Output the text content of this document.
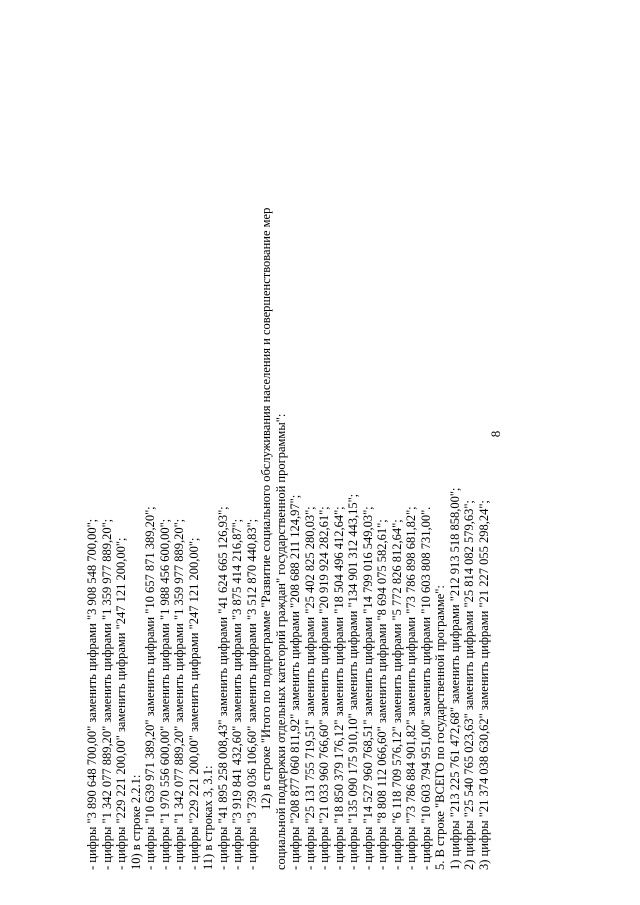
8
- цифры "3 890 648 700,00" заменить цифрами "3 908 548 700,00"; - цифры "1 342 077 889,20" заменить цифрами "1 359 977 889,20"; - цифры "229 221 200,00" заменить цифрами "247 121 200,00"; 10) в строке 2.2.1: - цифры "10 639 971 389,20" заменить цифрами "10 657 871 389,20"; - цифры "1 970 556 600,00" заменить цифрами "1 988 456 600,00"; - цифры "1 342 077 889,20" заменить цифрами "1 359 977 889,20"; - цифры "229 221 200,00" заменить цифрами "247 121 200,00"; 11) в строках 3, 3.1: - цифры "41 895 258 008,43" заменить цифрами "41 624 665 126,93"; - цифры "3 919 841 432,60" заменить цифрами "3 875 414 216,87"; - цифры "3 739 036 106,60" заменить цифрами "3 512 870 440,83"; 12) в строке "Итого по подпрограмме "Развитие социального обслуживания населения и совершенствование мер социальной поддержки отдельных категорий граждан" государственной программы": - цифры "208 877 060 811,92" заменить цифрами "208 688 211 124,97"; - цифры "25 131 755 719,51" заменить цифрами "25 402 825 280,03"; - цифры "21 033 960 766,60" заменить цифрами "20 919 924 282,61"; - цифры "18 850 379 176,12" заменить цифрами "18 504 496 412,64"; - цифры "135 090 175 910,10" заменить цифрами "134 901 312 443,15"; - цифры "14 527 960 768,51" заменить цифрами "14 799 016 549,03"; - цифры "8 808 112 066,60" заменить цифрами "8 694 075 582,61"; - цифры "6 118 709 576,12" заменить цифрами "5 772 826 812,64"; - цифры "73 786 884 901,82" заменить цифрами "73 786 898 681,82"; - цифры "10 603 794 951,00" заменить цифрами "10 603 808 731,00". 5. В строке "ВСЕГО по государственной программе": 1) цифры "213 225 761 472,68" заменить цифрами "212 913 518 858,00"; 2) цифры "25 540 765 023,63" заменить цифрами "25 814 082 579,63"; 3) цифры "21 374 038 630,62" заменить цифрами "21 227 055 298,24";
